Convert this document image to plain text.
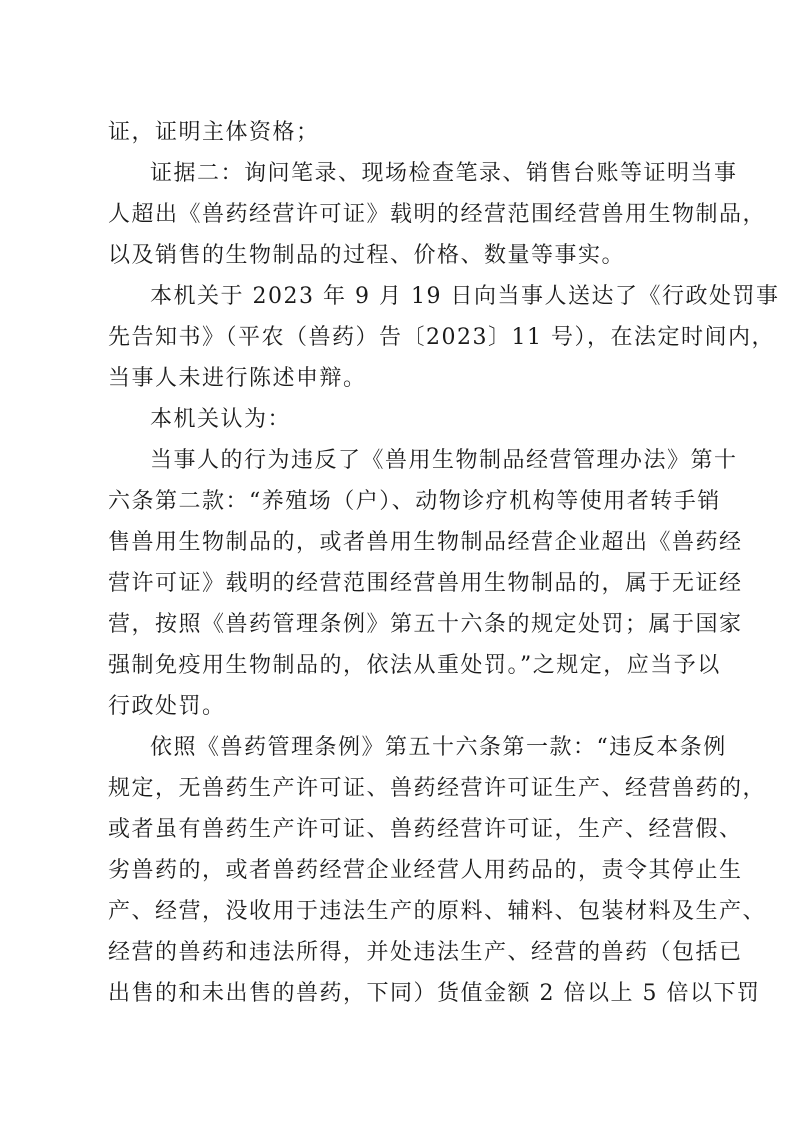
证，证明主体资格；
证据二：询问笔录、现场检查笔录、销售台账等证明当事
人超出《兽药经营许可证》载明的经营范围经营兽用生物制品，
以及销售的生物制品的过程、价格、数量等事实。
本机关于 2023 年 9 月 19 日向当事人送达了《行政处罚事
先告知书》（平农（兽药）告〔2023〕11 号），在法定时间内，
当事人未进行陈述申辩。
本机关认为：
当事人的行为违反了《兽用生物制品经营管理办法》第十
六条第二款：“养殖场（户）、动物诊疗机构等使用者转手销
售兽用生物制品的，或者兽用生物制品经营企业超出《兽药经
营许可证》载明的经营范围经营兽用生物制品的，属于无证经
营，按照《兽药管理条例》第五十六条的规定处罚；属于国家
强制免疫用生物制品的，依法从重处罚。”之规定，应当予以
行政处罚。
依照《兽药管理条例》第五十六条第一款：“违反本条例
规定，无兽药生产许可证、兽药经营许可证生产、经营兽药的，
或者虽有兽药生产许可证、兽药经营许可证，生产、经营假、
劣兽药的，或者兽药经营企业经营人用药品的，责令其停止生
产、经营，没收用于违法生产的原料、辅料、包装材料及生产、
经营的兽药和违法所得，并处违法生产、经营的兽药（包括已
出售的和未出售的兽药，下同）货值金额 2 倍以上 5 倍以下罚
